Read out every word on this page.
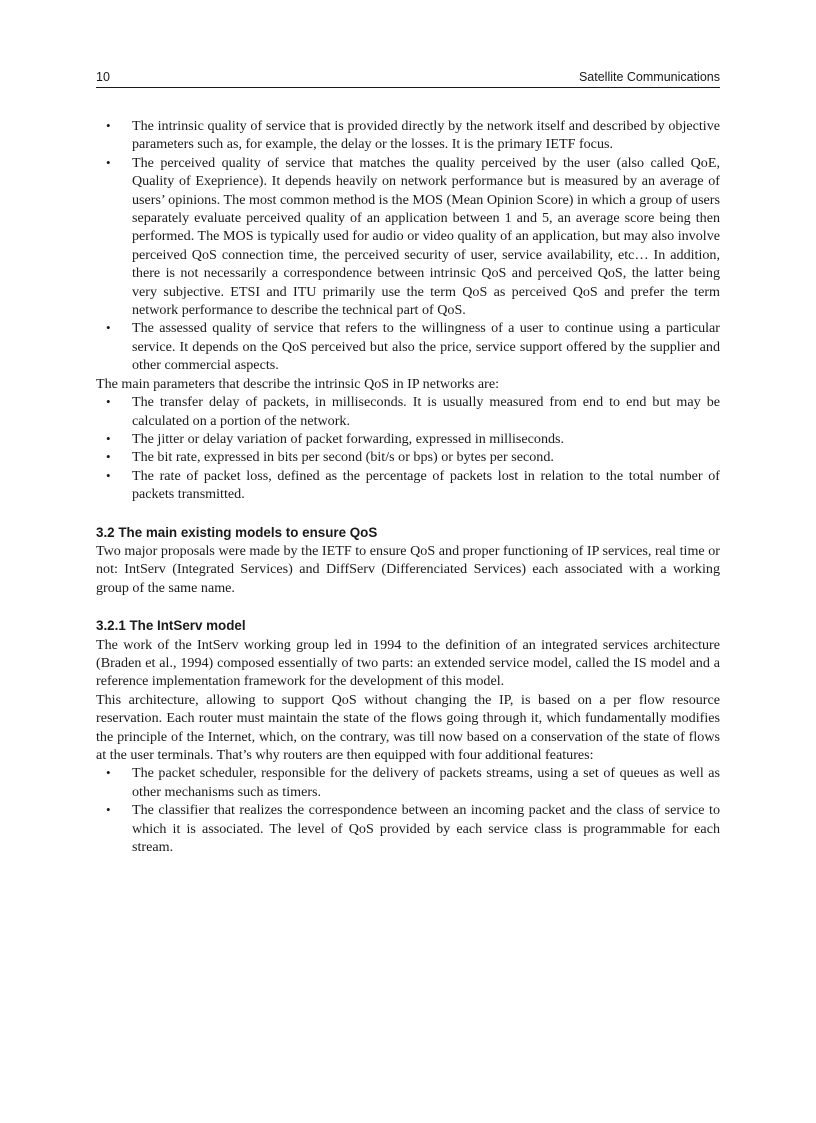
10	Satellite Communications
• The intrinsic quality of service that is provided directly by the network itself and described by objective parameters such as, for example, the delay or the losses. It is the primary IETF focus.
• The perceived quality of service that matches the quality perceived by the user (also called QoE, Quality of Exeprience). It depends heavily on network performance but is measured by an average of users’ opinions. The most common method is the MOS (Mean Opinion Score) in which a group of users separately evaluate perceived quality of an application between 1 and 5, an average score being then performed. The MOS is typically used for audio or video quality of an application, but may also involve perceived QoS connection time, the perceived security of user, service availability, etc… In addition, there is not necessarily a correspondence between intrinsic QoS and perceived QoS, the latter being very subjective. ETSI and ITU primarily use the term QoS as perceived QoS and prefer the term network performance to describe the technical part of QoS.
• The assessed quality of service that refers to the willingness of a user to continue using a particular service. It depends on the QoS perceived but also the price, service support offered by the supplier and other commercial aspects.

The main parameters that describe the intrinsic QoS in IP networks are:

• The transfer delay of packets, in milliseconds. It is usually measured from end to end but may be calculated on a portion of the network.
• The jitter or delay variation of packet forwarding, expressed in milliseconds.
• The bit rate, expressed in bits per second (bit/s or bps) or bytes per second.
• The rate of packet loss, defined as the percentage of packets lost in relation to the total number of packets transmitted.
3.2 The main existing models to ensure QoS

Two major proposals were made by the IETF to ensure QoS and proper functioning of IP services, real time or not: IntServ (Integrated Services) and DiffServ (Differenciated Services) each associated with a working group of the same name.

3.2.1 The IntServ model

The work of the IntServ working group led in 1994 to the definition of an integrated services architecture (Braden et al., 1994) composed essentially of two parts: an extended service model, called the IS model and a reference implementation framework for the development of this model.

This architecture, allowing to support QoS without changing the IP, is based on a per flow resource reservation. Each router must maintain the state of the flows going through it, which fundamentally modifies the principle of the Internet, which, on the contrary, was till now based on a conservation of the state of flows at the user terminals. That’s why routers are then equipped with four additional features:

• The packet scheduler, responsible for the delivery of packets streams, using a set of queues as well as other mechanisms such as timers.
• The classifier that realizes the correspondence between an incoming packet and the class of service to which it is associated. The level of QoS provided by each service class is programmable for each stream.
